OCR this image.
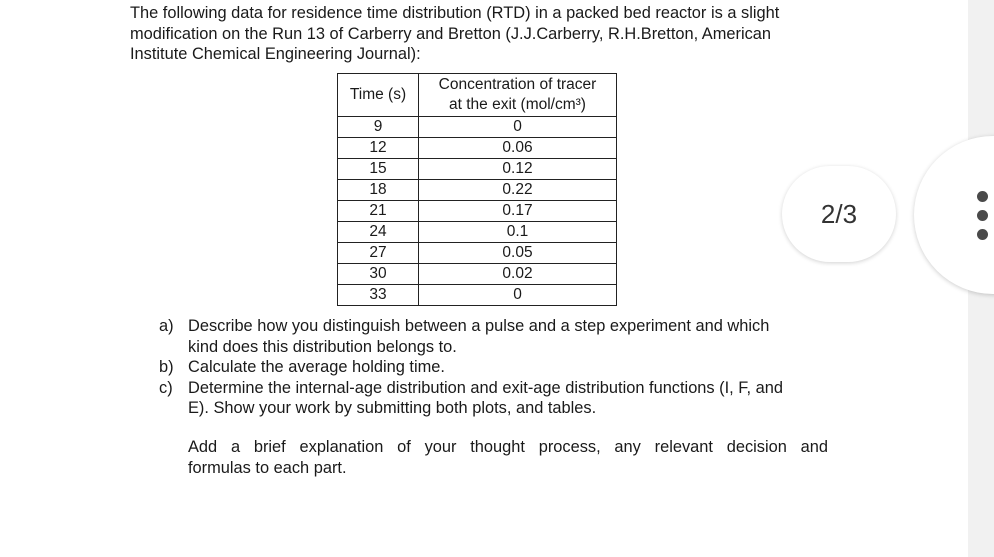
The following data for residence time distribution (RTD) in a packed bed reactor is a slight
modification on the Run 13 of Carberry and Bretton (J.J.Carberry, R.H.Bretton, American
Institute Chemical Engineering Journal):

Time (s)	Concentration of tracer
at the exit (mol/cm³)

9	0
12	0.06
15	0.12
18	0.22
21	0.17
24	0.1
27	0.05
30	0.02
33	0
a) Describe how you distinguish between a pulse and a step experiment and which
kind does this distribution belongs to.
b) Calculate the average holding time.
c) Determine the internal-age distribution and exit-age distribution functions (I, F, and
E). Show your work by submitting both plots, and tables.
Add a brief explanation of your thought process, any relevant decision and
formulas to each part.
2/3
